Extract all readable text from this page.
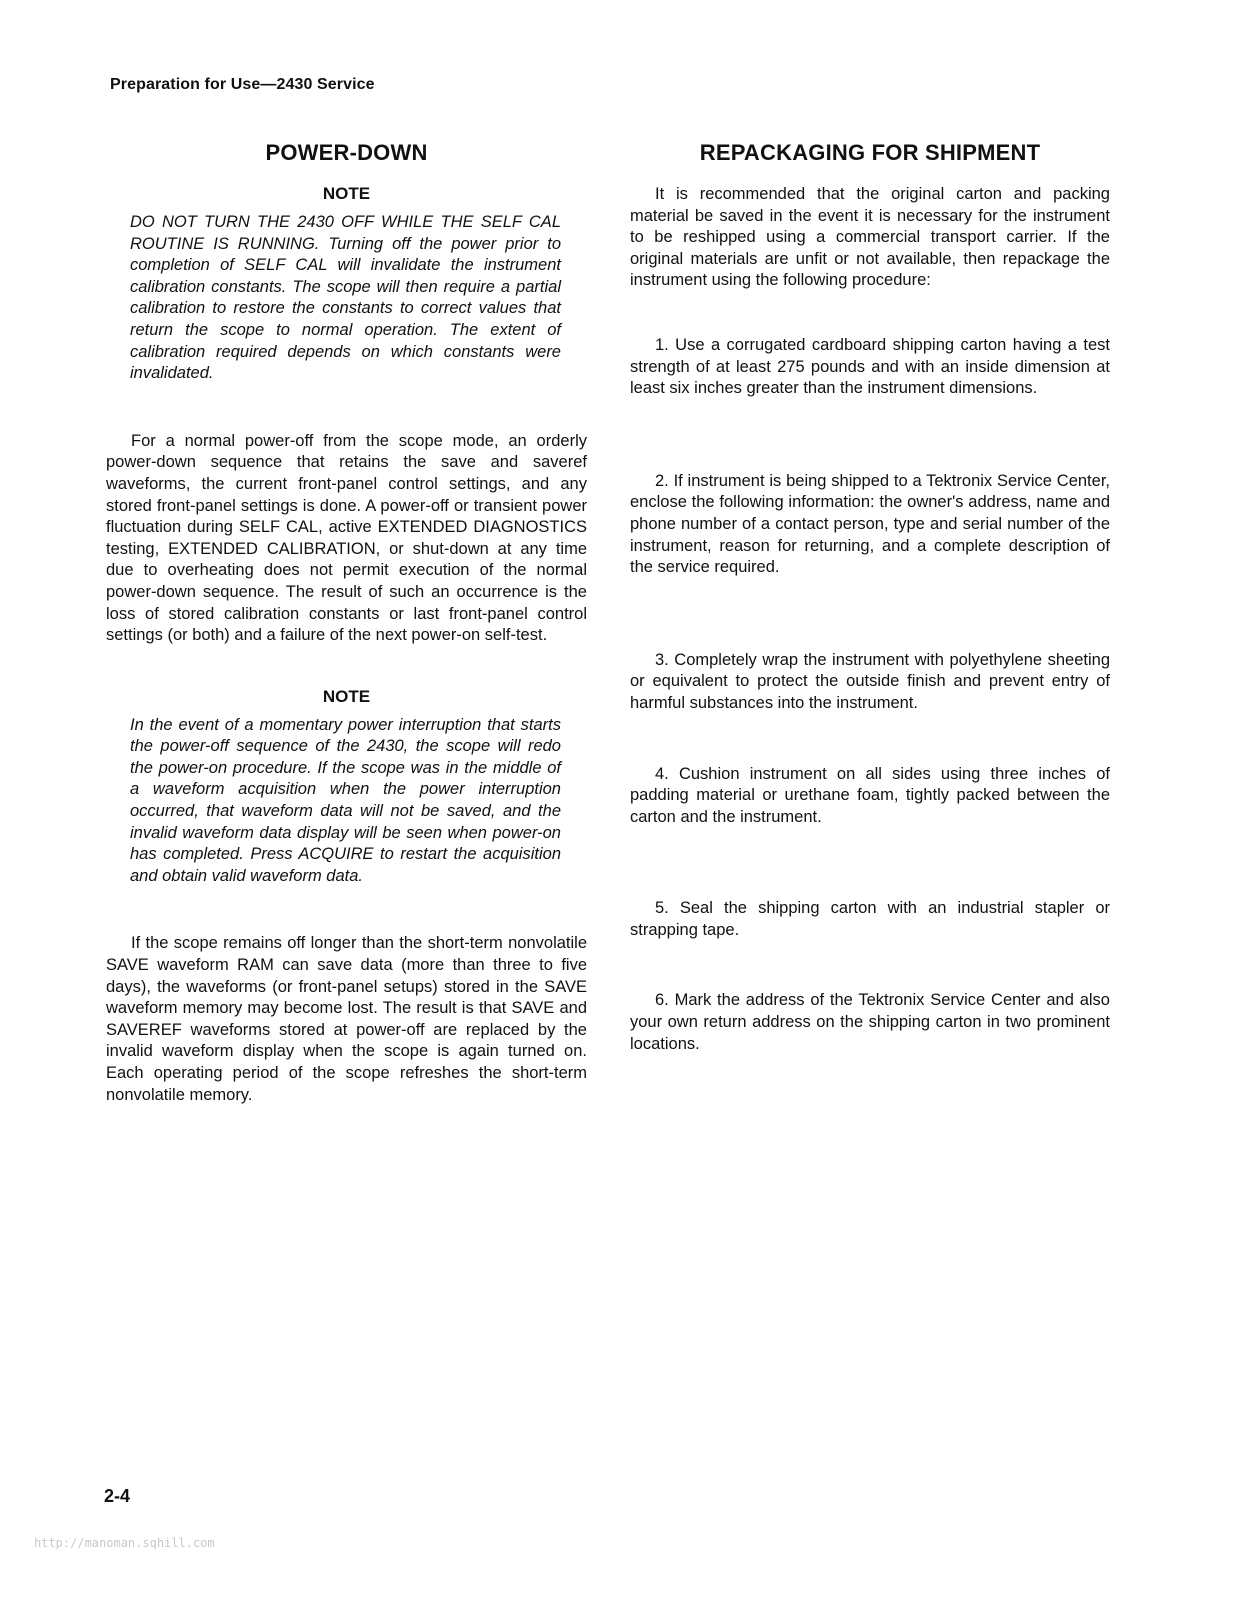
Preparation for Use—2430 Service
POWER-DOWN
NOTE
DO NOT TURN THE 2430 OFF WHILE THE SELF CAL ROUTINE IS RUNNING. Turning off the power prior to completion of SELF CAL will invalidate the instrument calibration constants. The scope will then require a partial calibration to restore the constants to correct values that return the scope to normal operation. The extent of calibration required depends on which constants were invalidated.

For a normal power-off from the scope mode, an orderly power-down sequence that retains the save and saveref waveforms, the current front-panel control settings, and any stored front-panel settings is done. A power-off or transient power fluctuation during SELF CAL, active EXTENDED DIAGNOSTICS testing, EXTENDED CALIBRATION, or shut-down at any time due to overheating does not permit execution of the normal power-down sequence. The result of such an occurrence is the loss of stored calibration constants or last front-panel control settings (or both) and a failure of the next power-on self-test.

NOTE
In the event of a momentary power interruption that starts the power-off sequence of the 2430, the scope will redo the power-on procedure. If the scope was in the middle of a waveform acquisition when the power interruption occurred, that waveform data will not be saved, and the invalid waveform data display will be seen when power-on has completed. Press ACQUIRE to restart the acquisition and obtain valid waveform data.

If the scope remains off longer than the short-term nonvolatile SAVE waveform RAM can save data (more than three to five days), the waveforms (or front-panel setups) stored in the SAVE waveform memory may become lost. The result is that SAVE and SAVEREF waveforms stored at power-off are replaced by the invalid waveform display when the scope is again turned on. Each operating period of the scope refreshes the short-term nonvolatile memory.

REPACKAGING FOR SHIPMENT

It is recommended that the original carton and packing material be saved in the event it is necessary for the instrument to be reshipped using a commercial transport carrier. If the original materials are unfit or not available, then repackage the instrument using the following procedure:

1. Use a corrugated cardboard shipping carton having a test strength of at least 275 pounds and with an inside dimension at least six inches greater than the instrument dimensions.

2. If instrument is being shipped to a Tektronix Service Center, enclose the following information: the owner's address, name and phone number of a contact person, type and serial number of the instrument, reason for returning, and a complete description of the service required.

3. Completely wrap the instrument with polyethylene sheeting or equivalent to protect the outside finish and prevent entry of harmful substances into the instrument.

4. Cushion instrument on all sides using three inches of padding material or urethane foam, tightly packed between the carton and the instrument.

5. Seal the shipping carton with an industrial stapler or strapping tape.

6. Mark the address of the Tektronix Service Center and also your own return address on the shipping carton in two prominent locations.

2-4
http://manoman.sqhill.com
